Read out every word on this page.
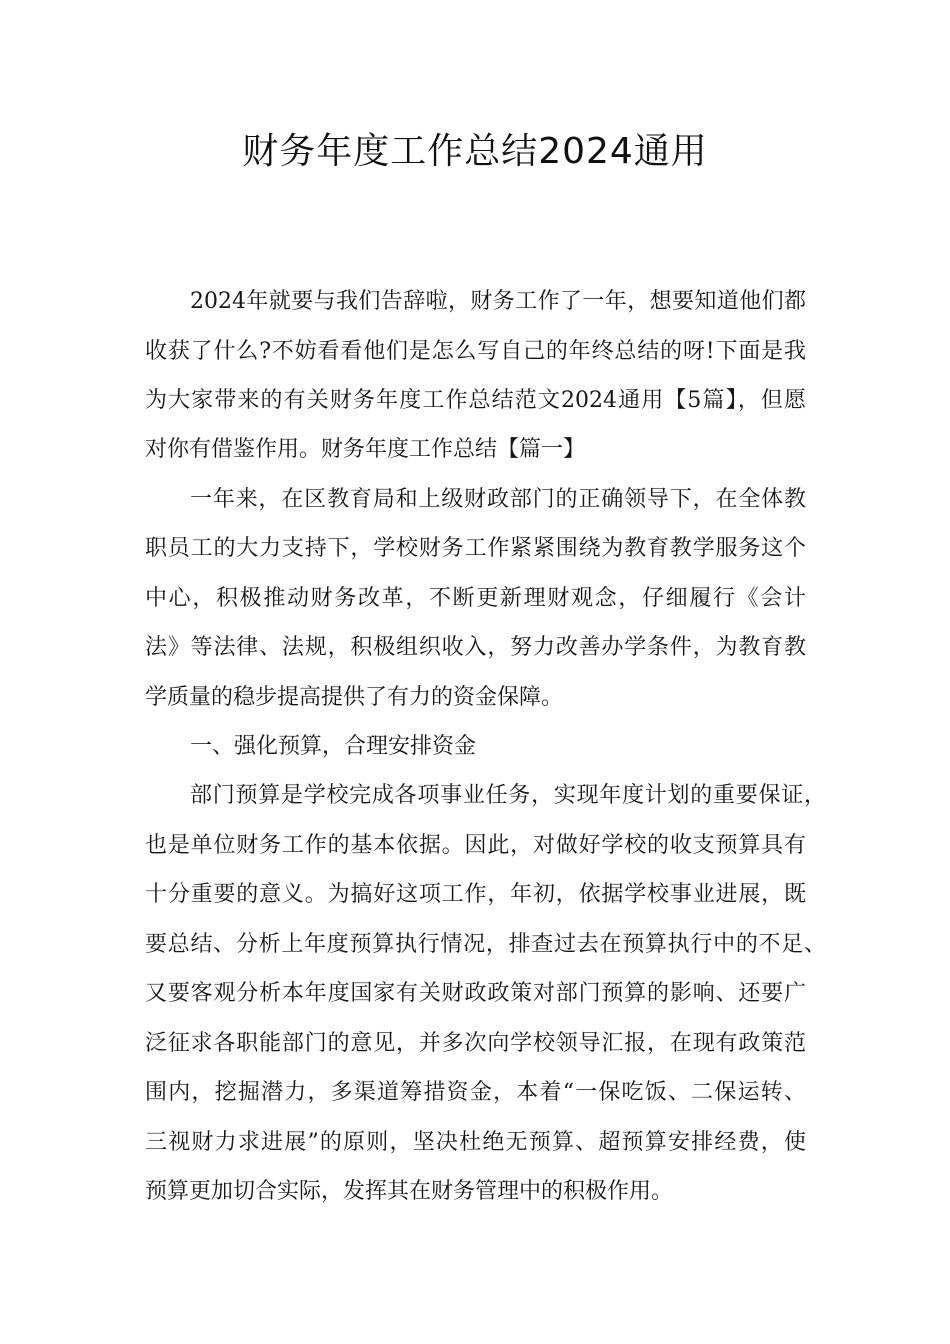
财务年度工作总结2024通用

2024年就要与我们告辞啦，财务工作了一年，想要知道他们都

收获了什么?不妨看看他们是怎么写自己的年终总结的呀!下面是我

为大家带来的有关财务年度工作总结范文2024通用【5篇】，但愿

对你有借鉴作用。财务年度工作总结【篇一】

一年来，在区教育局和上级财政部门的正确领导下，在全体教

职员工的大力支持下，学校财务工作紧紧围绕为教育教学服务这个

中心，积极推动财务改革，不断更新理财观念，仔细履行《会计

法》等法律、法规，积极组织收入，努力改善办学条件，为教育教

学质量的稳步提高提供了有力的资金保障。

一、强化预算，合理安排资金

部门预算是学校完成各项事业任务，实现年度计划的重要保证，

也是单位财务工作的基本依据。因此，对做好学校的收支预算具有

十分重要的意义。为搞好这项工作，年初，依据学校事业进展，既

要总结、分析上年度预算执行情况，排查过去在预算执行中的不足、

又要客观分析本年度国家有关财政政策对部门预算的影响、还要广

泛征求各职能部门的意见，并多次向学校领导汇报，在现有政策范

围内，挖掘潜力，多渠道筹措资金，本着“一保吃饭、二保运转、

三视财力求进展”的原则，坚决杜绝无预算、超预算安排经费，使

预算更加切合实际，发挥其在财务管理中的积极作用。
